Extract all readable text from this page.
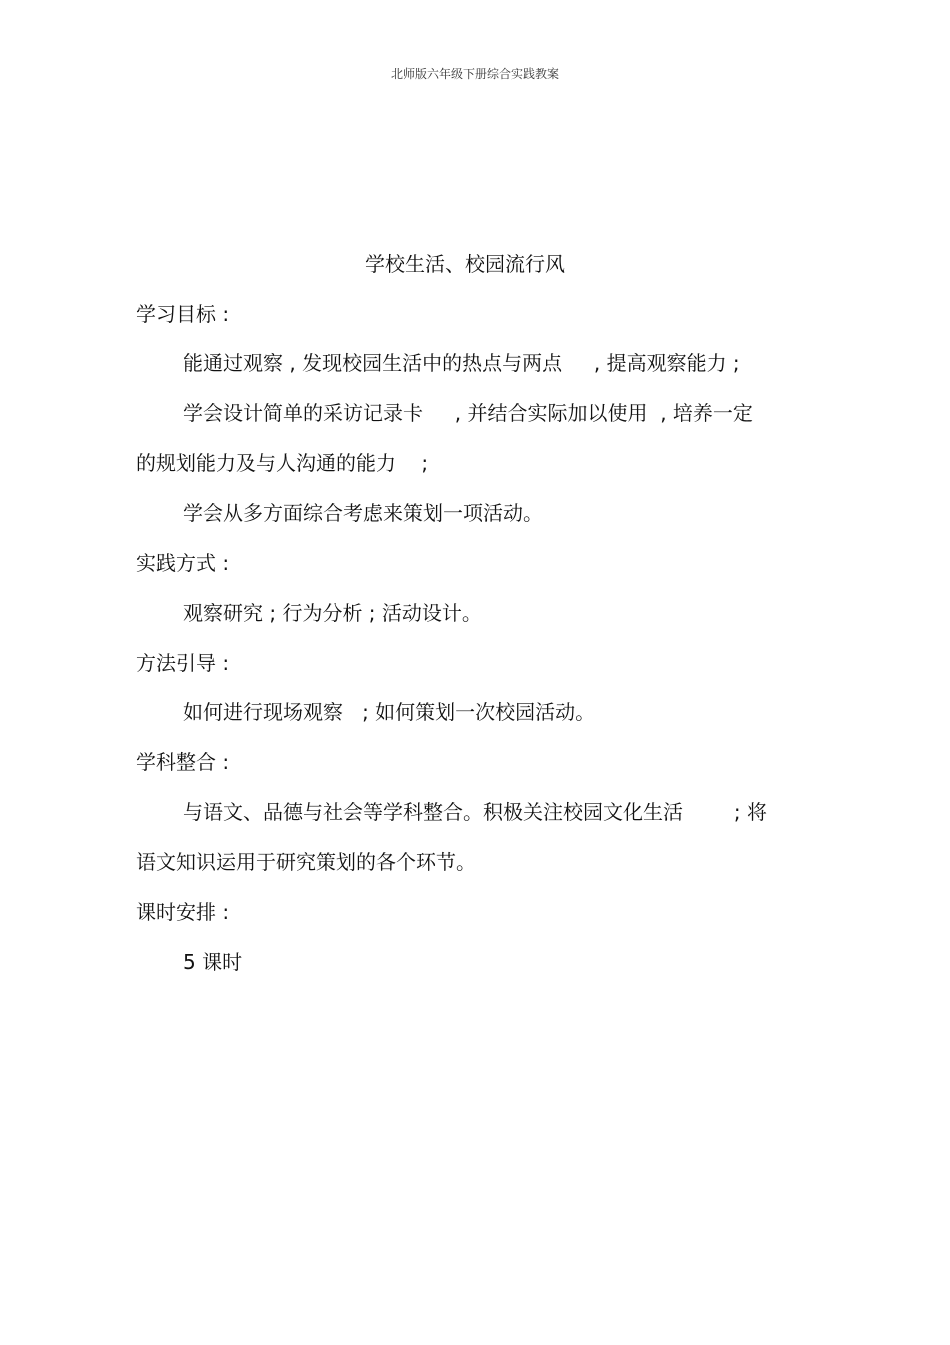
北师版六年级下册综合实践教案
学校生活、校园流行风
学习目标 :
能通过观察 , 发现校园生活中的热点与两点     , 提高观察能力 ;
学会设计简单的采访记录卡     , 并结合实际加以使用  , 培养一定
的规划能力及与人沟通的能力    ;
学会从多方面综合考虑来策划一项活动。
实践方式 :
观察研究 ; 行为分析 ; 活动设计。
方法引导 :
如何进行现场观察   ; 如何策划一次校园活动。
学科整合 :
与语文、品德与社会等学科整合。积极关注校园文化生活        ; 将
语文知识运用于研究策划的各个环节。
课时安排 :
5 课时
